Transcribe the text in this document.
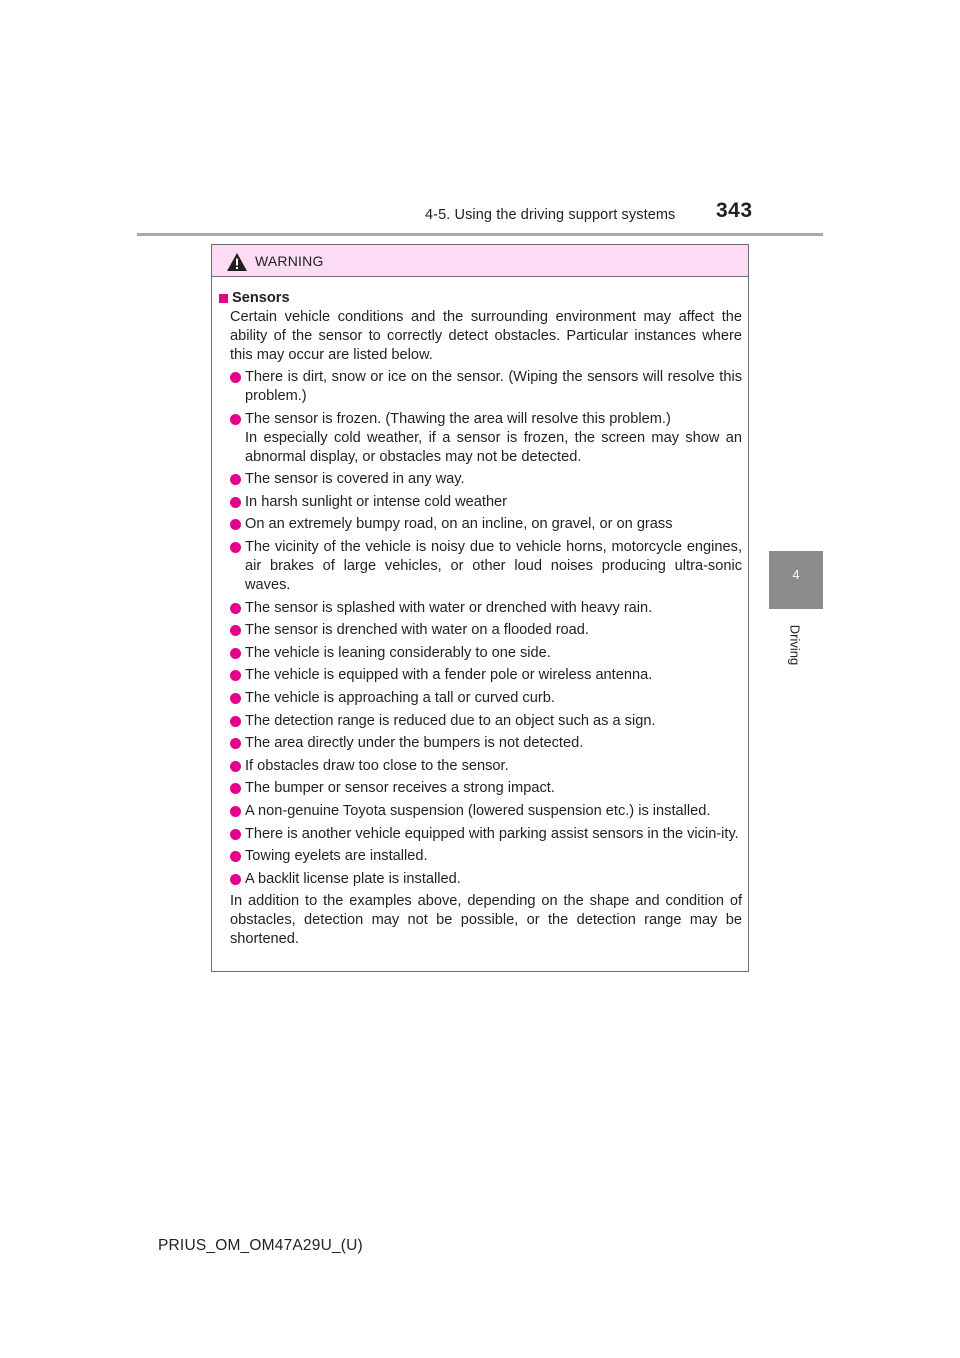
4-5. Using the driving support systems 343
4
Driving
WARNING
Sensors

Certain vehicle conditions and the surrounding environment may affect the ability of the sensor to correctly detect obstacles. Particular instances where this may occur are listed below.

There is dirt, snow or ice on the sensor. (Wiping the sensors will resolve this problem.)
The sensor is frozen. (Thawing the area will resolve this problem.)
In especially cold weather, if a sensor is frozen, the screen may show an abnormal display, or obstacles may not be detected.
The sensor is covered in any way.
In harsh sunlight or intense cold weather
On an extremely bumpy road, on an incline, on gravel, or on grass
The vicinity of the vehicle is noisy due to vehicle horns, motorcycle engines, air brakes of large vehicles, or other loud noises producing ultra-sonic waves.
The sensor is splashed with water or drenched with heavy rain.
The sensor is drenched with water on a flooded road.
The vehicle is leaning considerably to one side.
The vehicle is equipped with a fender pole or wireless antenna.
The vehicle is approaching a tall or curved curb.
The detection range is reduced due to an object such as a sign.
The area directly under the bumpers is not detected.
If obstacles draw too close to the sensor.
The bumper or sensor receives a strong impact.
A non-genuine Toyota suspension (lowered suspension etc.) is installed.
There is another vehicle equipped with parking assist sensors in the vicin-ity.
Towing eyelets are installed.
A backlit license plate is installed.

In addition to the examples above, depending on the shape and condition of obstacles, detection may not be possible, or the detection range may be shortened.

PRIUS_OM_OM47A29U_(U)
